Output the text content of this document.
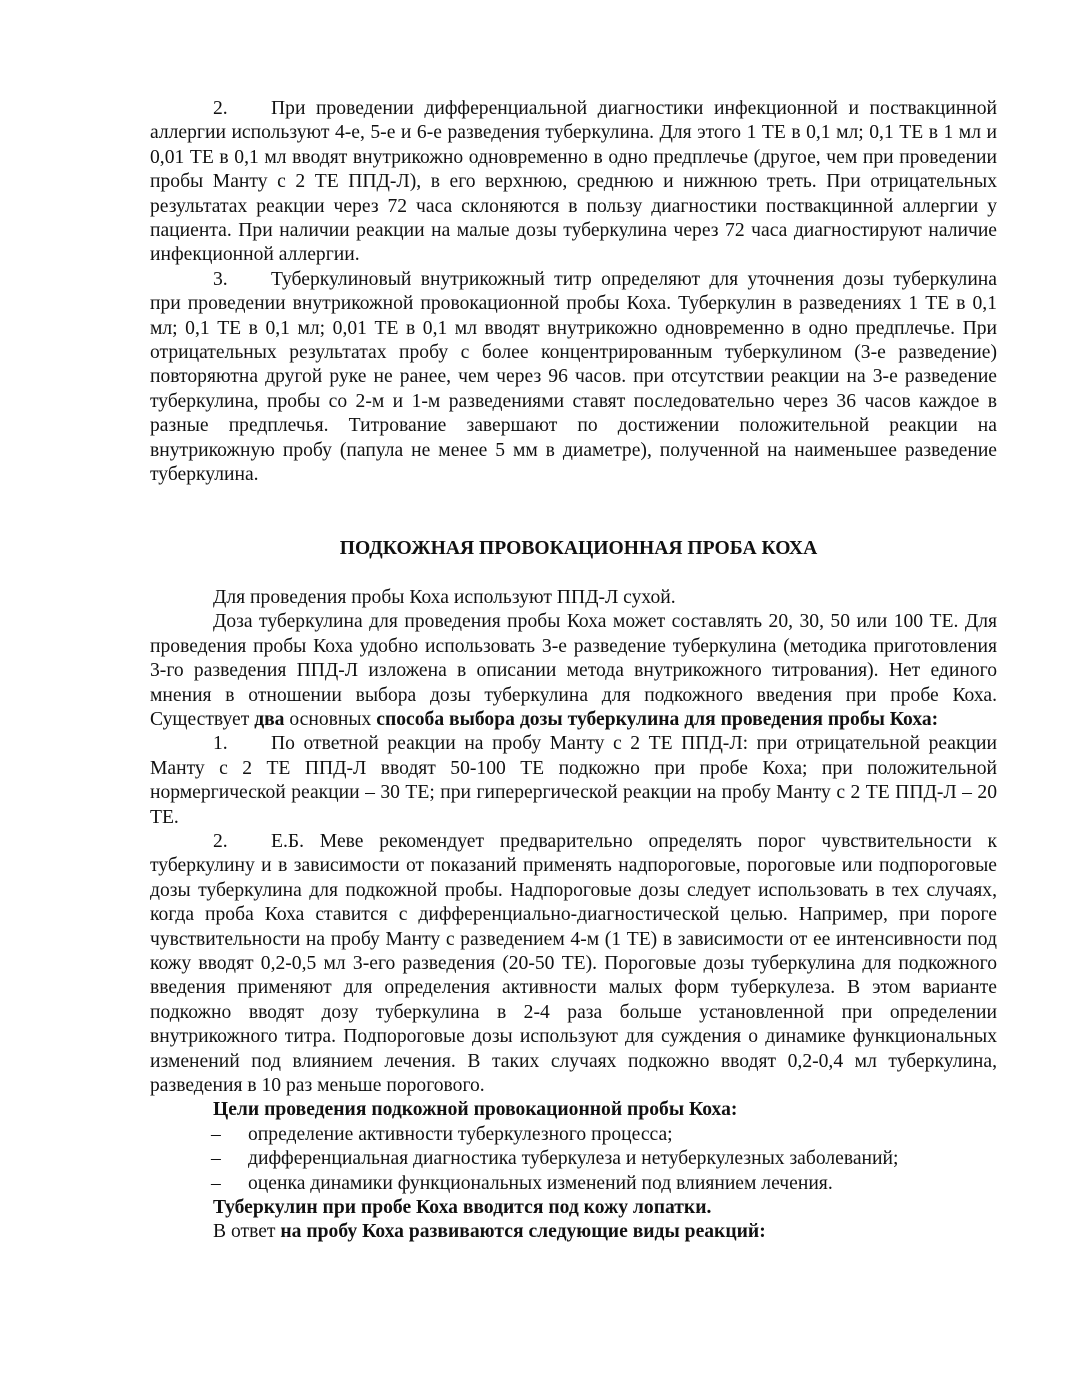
2. При проведении дифференциальной диагностики инфекционной и поствакцинной аллергии используют 4-е, 5-е и 6-е разведения туберкулина. Для этого 1 ТЕ в 0,1 мл; 0,1 ТЕ в 1 мл и 0,01 ТЕ в 0,1 мл вводят внутрикожно одновременно в одно предплечье (другое, чем при проведении пробы Манту с 2 ТЕ ППД-Л), в его верхнюю, среднюю и нижнюю треть. При отрицательных результатах реакции через 72 часа склоняются в пользу диагностики поствакцинной аллергии у пациента. При наличии реакции на малые дозы туберкулина через 72 часа диагностируют наличие инфекционной аллергии.

3. Туберкулиновый внутрикожный титр определяют для уточнения дозы туберкулина при проведении внутрикожной провокационной пробы Коха. Туберкулин в разведениях 1 ТЕ в 0,1 мл; 0,1 ТЕ в 0,1 мл; 0,01 ТЕ в 0,1 мл вводят внутрикожно одновременно в одно предплечье. При отрицательных результатах пробу с более концентрированным туберкулином (3-е разведение) повторяютна другой руке не ранее, чем через 96 часов. при отсутствии реакции на 3-е разведение туберкулина, пробы со 2-м и 1-м разведениями ставят последовательно через 36 часов каждое в разные предплечья. Титрование завершают по достижении положительной реакции на внутрикожную пробу (папула не менее 5 мм в диаметре), полученной на наименьшее разведение туберкулина.

ПОДКОЖНАЯ ПРОВОКАЦИОННАЯ ПРОБА КОХА

Для проведения пробы Коха используют ППД-Л сухой.

Доза туберкулина для проведения пробы Коха может составлять 20, 30, 50 или 100 ТЕ. Для проведения пробы Коха удобно использовать 3-е разведение туберкулина (методика приготовления 3-го разведения ППД-Л изложена в описании метода внутрикожного титрования). Нет единого мнения в отношении выбора дозы туберкулина для подкожного введения при пробе Коха. Существует два основных способа выбора дозы туберкулина для проведения пробы Коха:

1. По ответной реакции на пробу Манту с 2 ТЕ ППД-Л: при отрицательной реакции Манту с 2 ТЕ ППД-Л вводят 50-100 ТЕ подкожно при пробе Коха; при положительной нормергической реакции – 30 ТЕ; при гиперергической реакции на пробу Манту с 2 ТЕ ППД-Л – 20 ТЕ.

2. Е.Б. Меве рекомендует предварительно определять порог чувствительности к туберкулину и в зависимости от показаний применять надпороговые, пороговые или подпороговые дозы туберкулина для подкожной пробы. Надпороговые дозы следует использовать в тех случаях, когда проба Коха ставится с дифференциально-диагностической целью. Например, при пороге чувствительности на пробу Манту с разведением 4-м (1 ТЕ) в зависимости от ее интенсивности под кожу вводят 0,2-0,5 мл 3-его разведения (20-50 ТЕ). Пороговые дозы туберкулина для подкожного введения применяют для определения активности малых форм туберкулеза. В этом варианте подкожно вводят дозу туберкулина в 2-4 раза больше установленной при определении внутрикожного титра. Подпороговые дозы используют для суждения о динамике функциональных изменений под влиянием лечения. В таких случаях подкожно вводят 0,2-0,4 мл туберкулина, разведения в 10 раз меньше порогового.

Цели проведения подкожной провокационной пробы Коха:

–	определение активности туберкулезного процесса;
–	дифференциальная диагностика туберкулеза и нетуберкулезных заболеваний;
–	оценка динамики функциональных изменений под влиянием лечения.

Туберкулин при пробе Коха вводится под кожу лопатки.

В ответ на пробу Коха развиваются следующие виды реакций:
